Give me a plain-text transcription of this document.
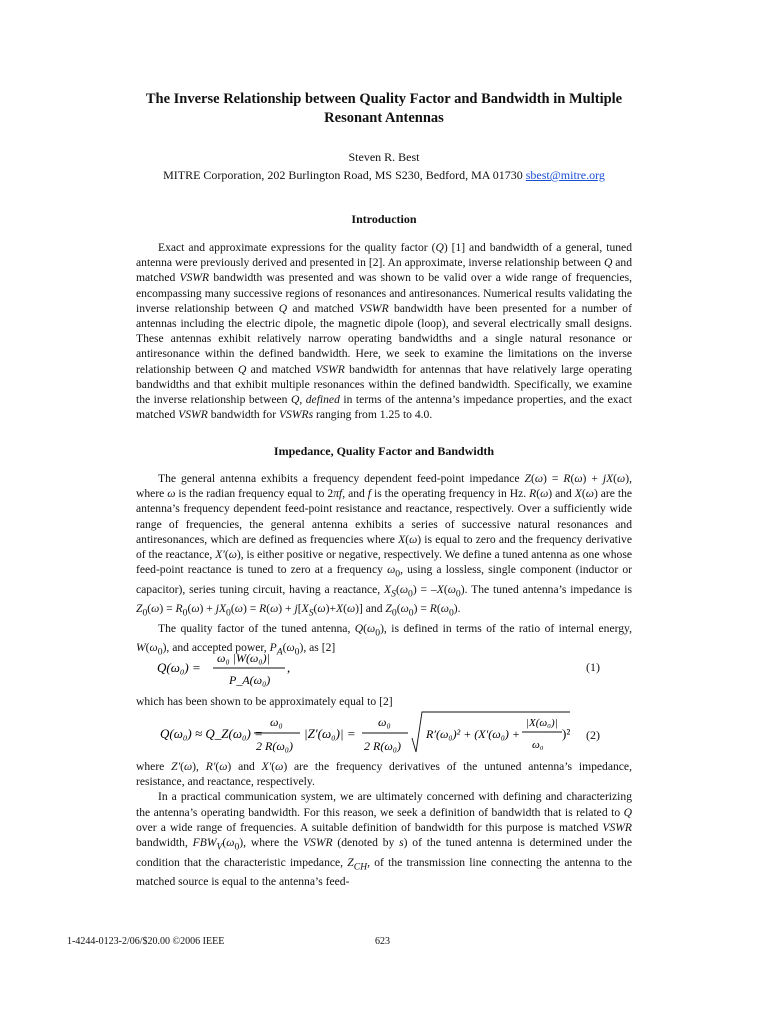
The Inverse Relationship between Quality Factor and Bandwidth in Multiple Resonant Antennas
Steven R. Best
MITRE Corporation, 202 Burlington Road, MS S230, Bedford, MA 01730 sbest@mitre.org
Introduction

Exact and approximate expressions for the quality factor (Q) [1] and bandwidth of a general, tuned antenna were previously derived and presented in [2]. An approximate, inverse relationship between Q and matched VSWR bandwidth was presented and was shown to be valid over a wide range of frequencies, encompassing many successive regions of resonances and antiresonances. Numerical results validating the inverse relationship between Q and matched VSWR bandwidth have been presented for a number of antennas including the electric dipole, the magnetic dipole (loop), and several electrically small designs. These antennas exhibit relatively narrow operating bandwidths and a single natural resonance or antiresonance within the defined bandwidth. Here, we seek to examine the limitations on the inverse relationship between Q and matched VSWR bandwidth for antennas that have relatively large operating bandwidths and that exhibit multiple resonances within the defined bandwidth. Specifically, we examine the inverse relationship between Q, defined in terms of the antenna’s impedance properties, and the exact matched VSWR bandwidth for VSWRs ranging from 1.25 to 4.0.

Impedance, Quality Factor and Bandwidth

The general antenna exhibits a frequency dependent feed-point impedance Z(ω) = R(ω) + jX(ω), where ω is the radian frequency equal to 2πf, and f is the operating frequency in Hz. R(ω) and X(ω) are the antenna’s frequency dependent feed-point resistance and reactance, respectively. Over a sufficiently wide range of frequencies, the general antenna exhibits a series of successive natural resonances and antiresonances, which are defined as frequencies where X(ω) is equal to zero and the frequency derivative of the reactance, X′(ω), is either positive or negative, respectively. We define a tuned antenna as one whose feed-point reactance is tuned to zero at a frequency $\omega_0$, using a lossless, single component (inductor or capacitor), series tuning circuit, having a reactance, $X_S(\omega_0) = -X(\omega_0)$. The tuned antenna’s impedance is $Z_0(\omega) = R_0(\omega) + jX_0(\omega) = R(\omega) + j[X_S(\omega)+X(\omega)]$ and $Z_0(\omega_0) = R(\omega_0)$.

The quality factor of the tuned antenna, $Q(\omega_0)$, is defined in terms of the ratio of internal energy, $W(\omega_0)$, and accepted power, $P_A(\omega_0)$, as [2]

Q(ω₀) =
ω₀ |W(ω₀)|
P_A(ω₀)
,	(1)
which has been shown to be approximately equal to [2]
Q(ω₀) ≈ Q_Z(ω₀) =
ω₀
2 R(ω₀)
|Z′(ω₀)| =
ω₀
2 R(ω₀)
R′(ω₀)² + (X′(ω₀) +
|X(ω₀)|
ω₀
)² (2)

where Z′(ω), R′(ω) and X′(ω) are the frequency derivatives of the untuned antenna’s impedance, resistance, and reactance, respectively.

In a practical communication system, we are ultimately concerned with defining and characterizing the antenna’s operating bandwidth. For this reason, we seek a definition of bandwidth that is related to Q over a wide range of frequencies. A suitable definition of bandwidth for this purpose is matched VSWR bandwidth, $FBW_V(\omega_0)$, where the VSWR (denoted by s) of the tuned antenna is determined under the condition that the characteristic impedance, $Z_{CH}$, of the transmission line connecting the antenna to the matched source is equal to the antenna’s feed-

1-4244-0123-2/06/$20.00 ©2006 IEEE	623
